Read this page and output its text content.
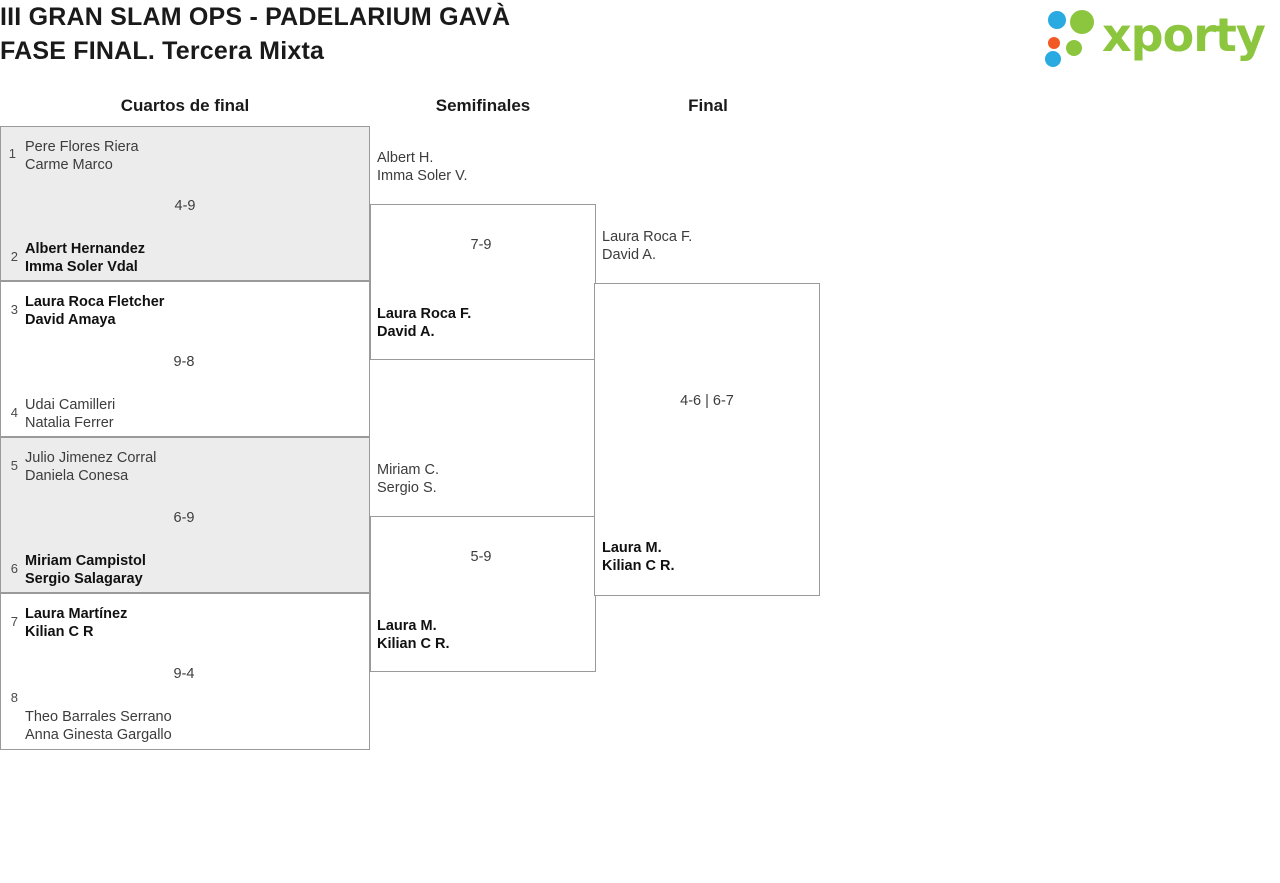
III GRAN SLAM OPS - PADELARIUM GAVÀ
FASE FINAL. Tercera Mixta	xporty
Cuartos de final	Semifinales	Final
1 Pere Flores Riera
Carme Marco
4-9
2 Albert Hernandez
Imma Soler Vdal
3 Laura Roca Fletcher
David Amaya
9-8
4 Udai Camilleri
Natalia Ferrer
5 Julio Jimenez Corral
Daniela Conesa
6-9
6 Miriam Campistol
Sergio Salagaray
7 Laura Martínez
Kilian C R
9-4
8
Theo Barrales Serrano
Anna Ginesta Gargallo
Albert H.
Imma Soler V.
7-9
Laura Roca F.
David A.
Miriam C.
Sergio S.
5-9
Laura M.
Kilian C R.
Laura Roca F.
David A.
4-6 | 6-7
Laura M.
Kilian C R.
